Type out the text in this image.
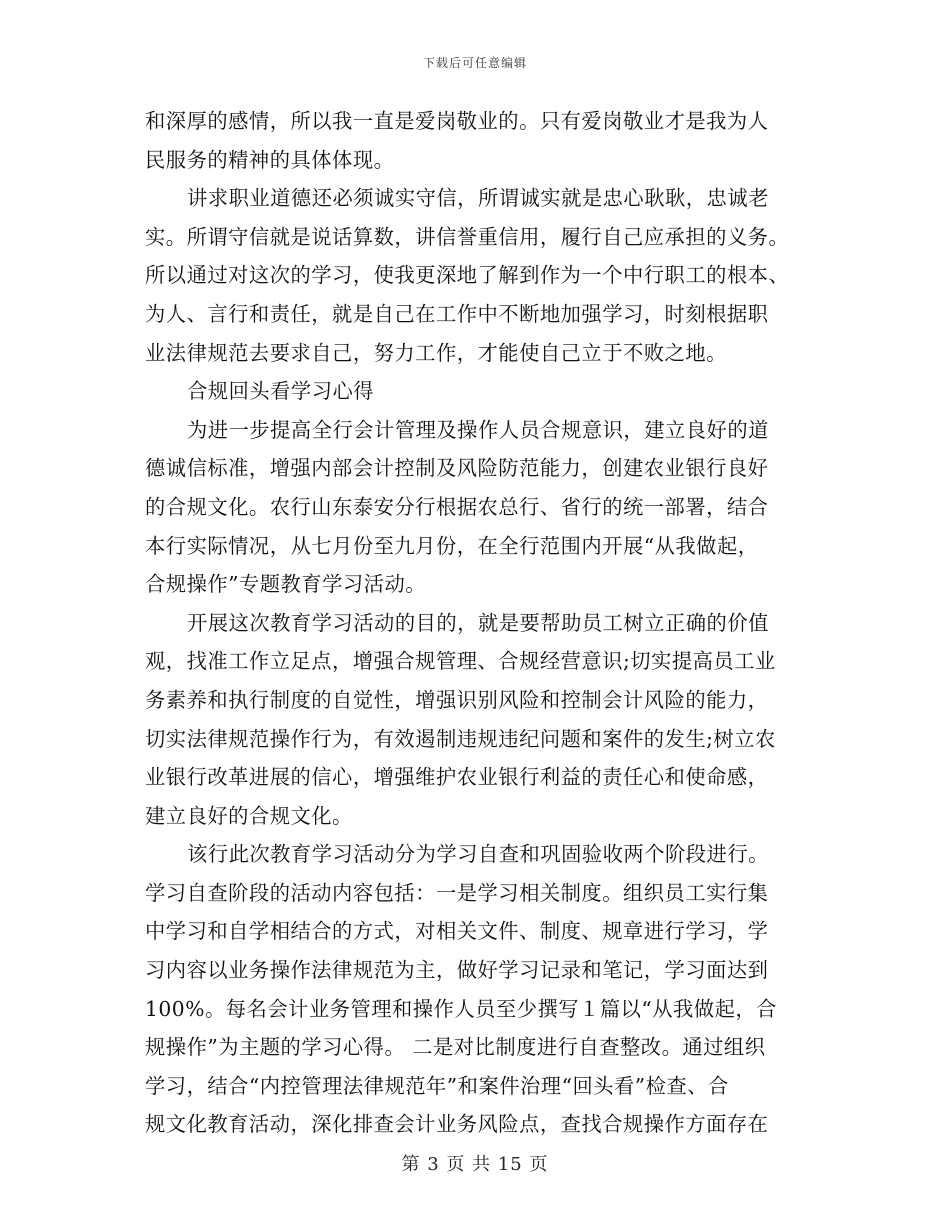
下载后可任意编辑
和深厚的感情，所以我一直是爱岗敬业的。只有爱岗敬业才是我为人
民服务的精神的具体体现。
讲求职业道德还必须诚实守信，所谓诚实就是忠心耿耿，忠诚老
实。所谓守信就是说话算数，讲信誉重信用，履行自己应承担的义务。
所以通过对这次的学习，使我更深地了解到作为一个中行职工的根本、
为人、言行和责任，就是自己在工作中不断地加强学习，时刻根据职
业法律规范去要求自己，努力工作，才能使自己立于不败之地。
合规回头看学习心得
为进一步提高全行会计管理及操作人员合规意识，建立良好的道
德诚信标准，增强内部会计控制及风险防范能力，创建农业银行良好
的合规文化。农行山东泰安分行根据农总行、省行的统一部署，结合
本行实际情况，从七月份至九月份，在全行范围内开展“从我做起，
合规操作”专题教育学习活动。
开展这次教育学习活动的目的，就是要帮助员工树立正确的价值
观，找准工作立足点，增强合规管理、合规经营意识;切实提高员工业
务素养和执行制度的自觉性，增强识别风险和控制会计风险的能力，
切实法律规范操作行为，有效遏制违规违纪问题和案件的发生;树立农
业银行改革进展的信心，增强维护农业银行利益的责任心和使命感，
建立良好的合规文化。
该行此次教育学习活动分为学习自查和巩固验收两个阶段进行。
学习自查阶段的活动内容包括：一是学习相关制度。组织员工实行集
中学习和自学相结合的方式，对相关文件、制度、规章进行学习，学
习内容以业务操作法律规范为主，做好学习记录和笔记，学习面达到
100%。每名会计业务管理和操作人员至少撰写１篇以“从我做起，合
规操作”为主题的学习心得。 二是对比制度进行自查整改。通过组织
学习，结合“内控管理法律规范年”和案件治理“回头看”检查、合
规文化教育活动，深化排查会计业务风险点，查找合规操作方面存在
第 3 页 共 15 页
